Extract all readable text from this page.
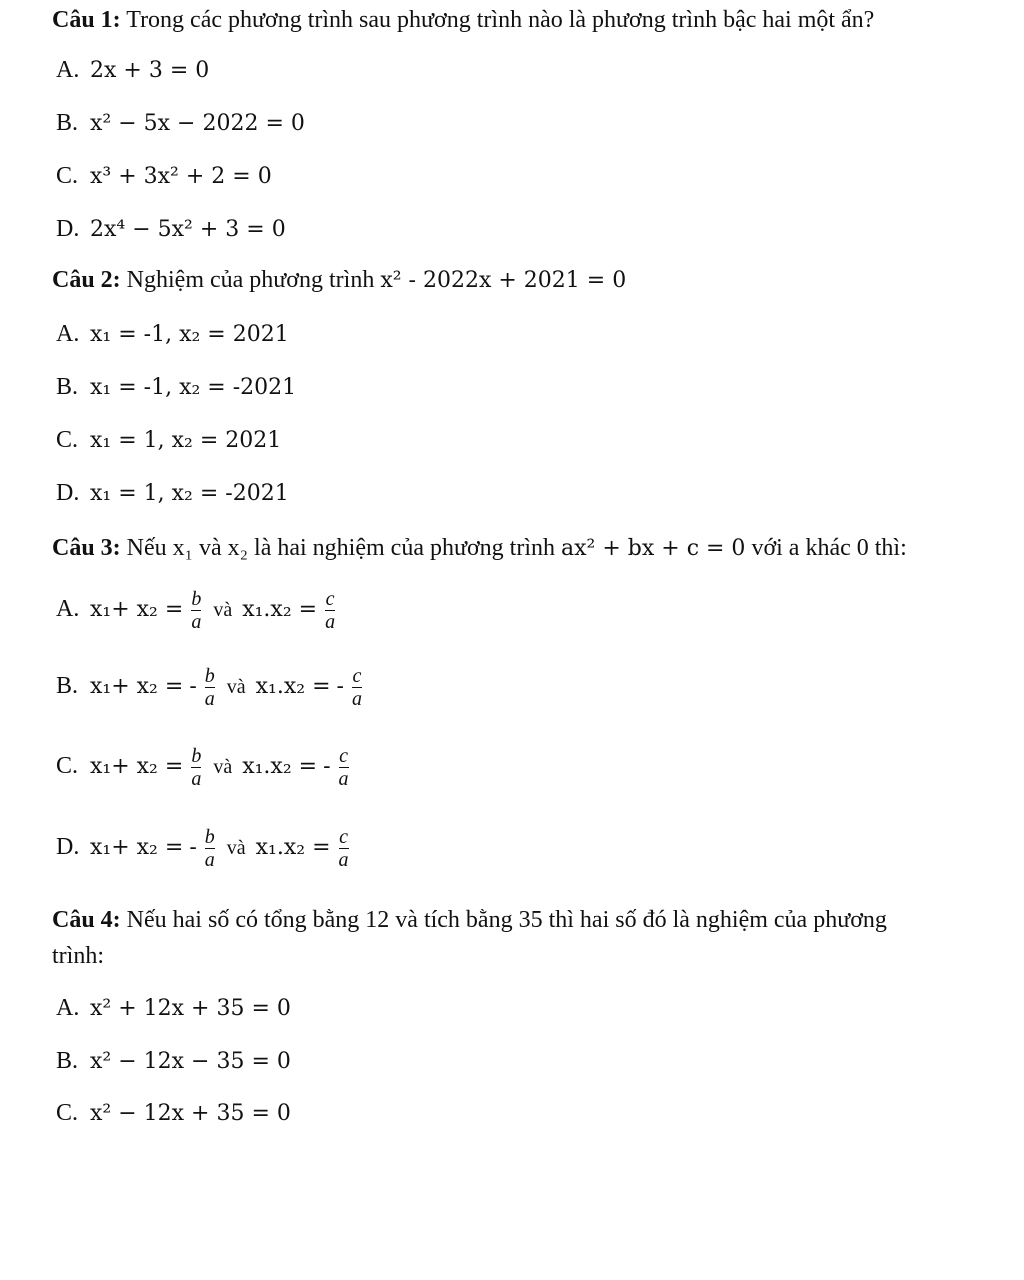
Câu 1: Trong các phương trình sau phương trình nào là phương trình bậc hai một ẩn?
A. 2x + 3 = 0
B. x² − 5x − 2022 = 0
C. x³ + 3x² + 2 = 0
D. 2x⁴ − 5x² + 3 = 0
Câu 2: Nghiệm của phương trình x² - 2022x + 2021 = 0
A. x₁ = -1, x₂ = 2021
B. x₁ = -1, x₂ = -2021
C. x₁ = 1, x₂ = 2021
D. x₁ = 1, x₂ = -2021
Câu 3: Nếu x₁ và x₂ là hai nghiệm của phương trình ax² + bx + c = 0 với a khác 0 thì:
A. $x_1+ x_2 = \frac{b}{a}$ và $x_1.x_2 = \frac{c}{a}$
B. x₁+ x₂ = - $\frac{b}{a}$ và x₁.x₂ = - $\frac{c}{a}$
C. $x_1+ x_2 = \frac{b}{a}$ và x₁.x₂ = - $\frac{c}{a}$
D. x₁+ x₂ = - $\frac{b}{a}$ và $x_1.x_2 = \frac{c}{a}$
Câu 4: Nếu hai số có tổng bằng 12 và tích bằng 35 thì hai số đó là nghiệm của phương
trình:
A. x² + 12x + 35 = 0
B. x² − 12x − 35 = 0
C. x² − 12x + 35 = 0
